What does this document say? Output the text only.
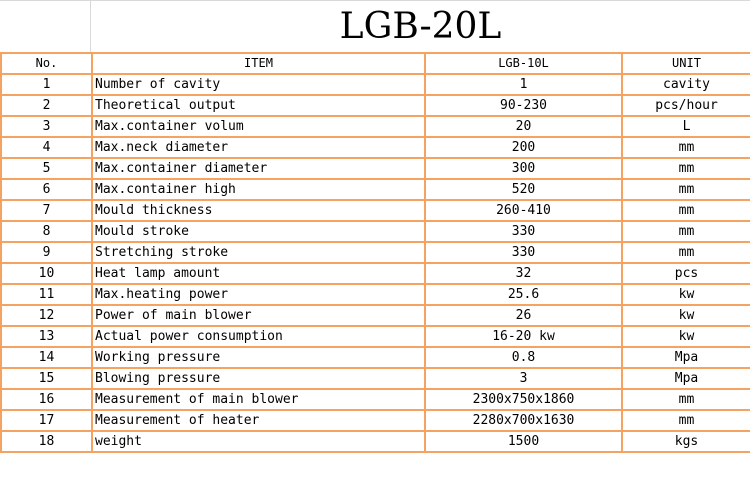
LGB-20L
No.	ITEM	LGB-10L	UNIT
1	Number of cavity	1	cavity
2	Theoretical output	90-230	pcs/hour
3	Max.container volum	20	L
4	Max.neck diameter	200	mm
5	Max.container diameter	300	mm
6	Max.container high	520	mm
7	Mould thickness	260-410	mm
8	Mould stroke	330	mm
9	Stretching stroke	330	mm
10	Heat lamp amount	32	pcs
11	Max.heating power	25.6	kw
12	Power of main blower	26	kw
13	Actual power consumption	16-20 kw	kw
14	Working pressure	0.8	Mpa
15	Blowing pressure	3	Mpa
16	Measurement of main blower	2300x750x1860	mm
17	Measurement of heater	2280x700x1630	mm
18	weight	1500	kgs
